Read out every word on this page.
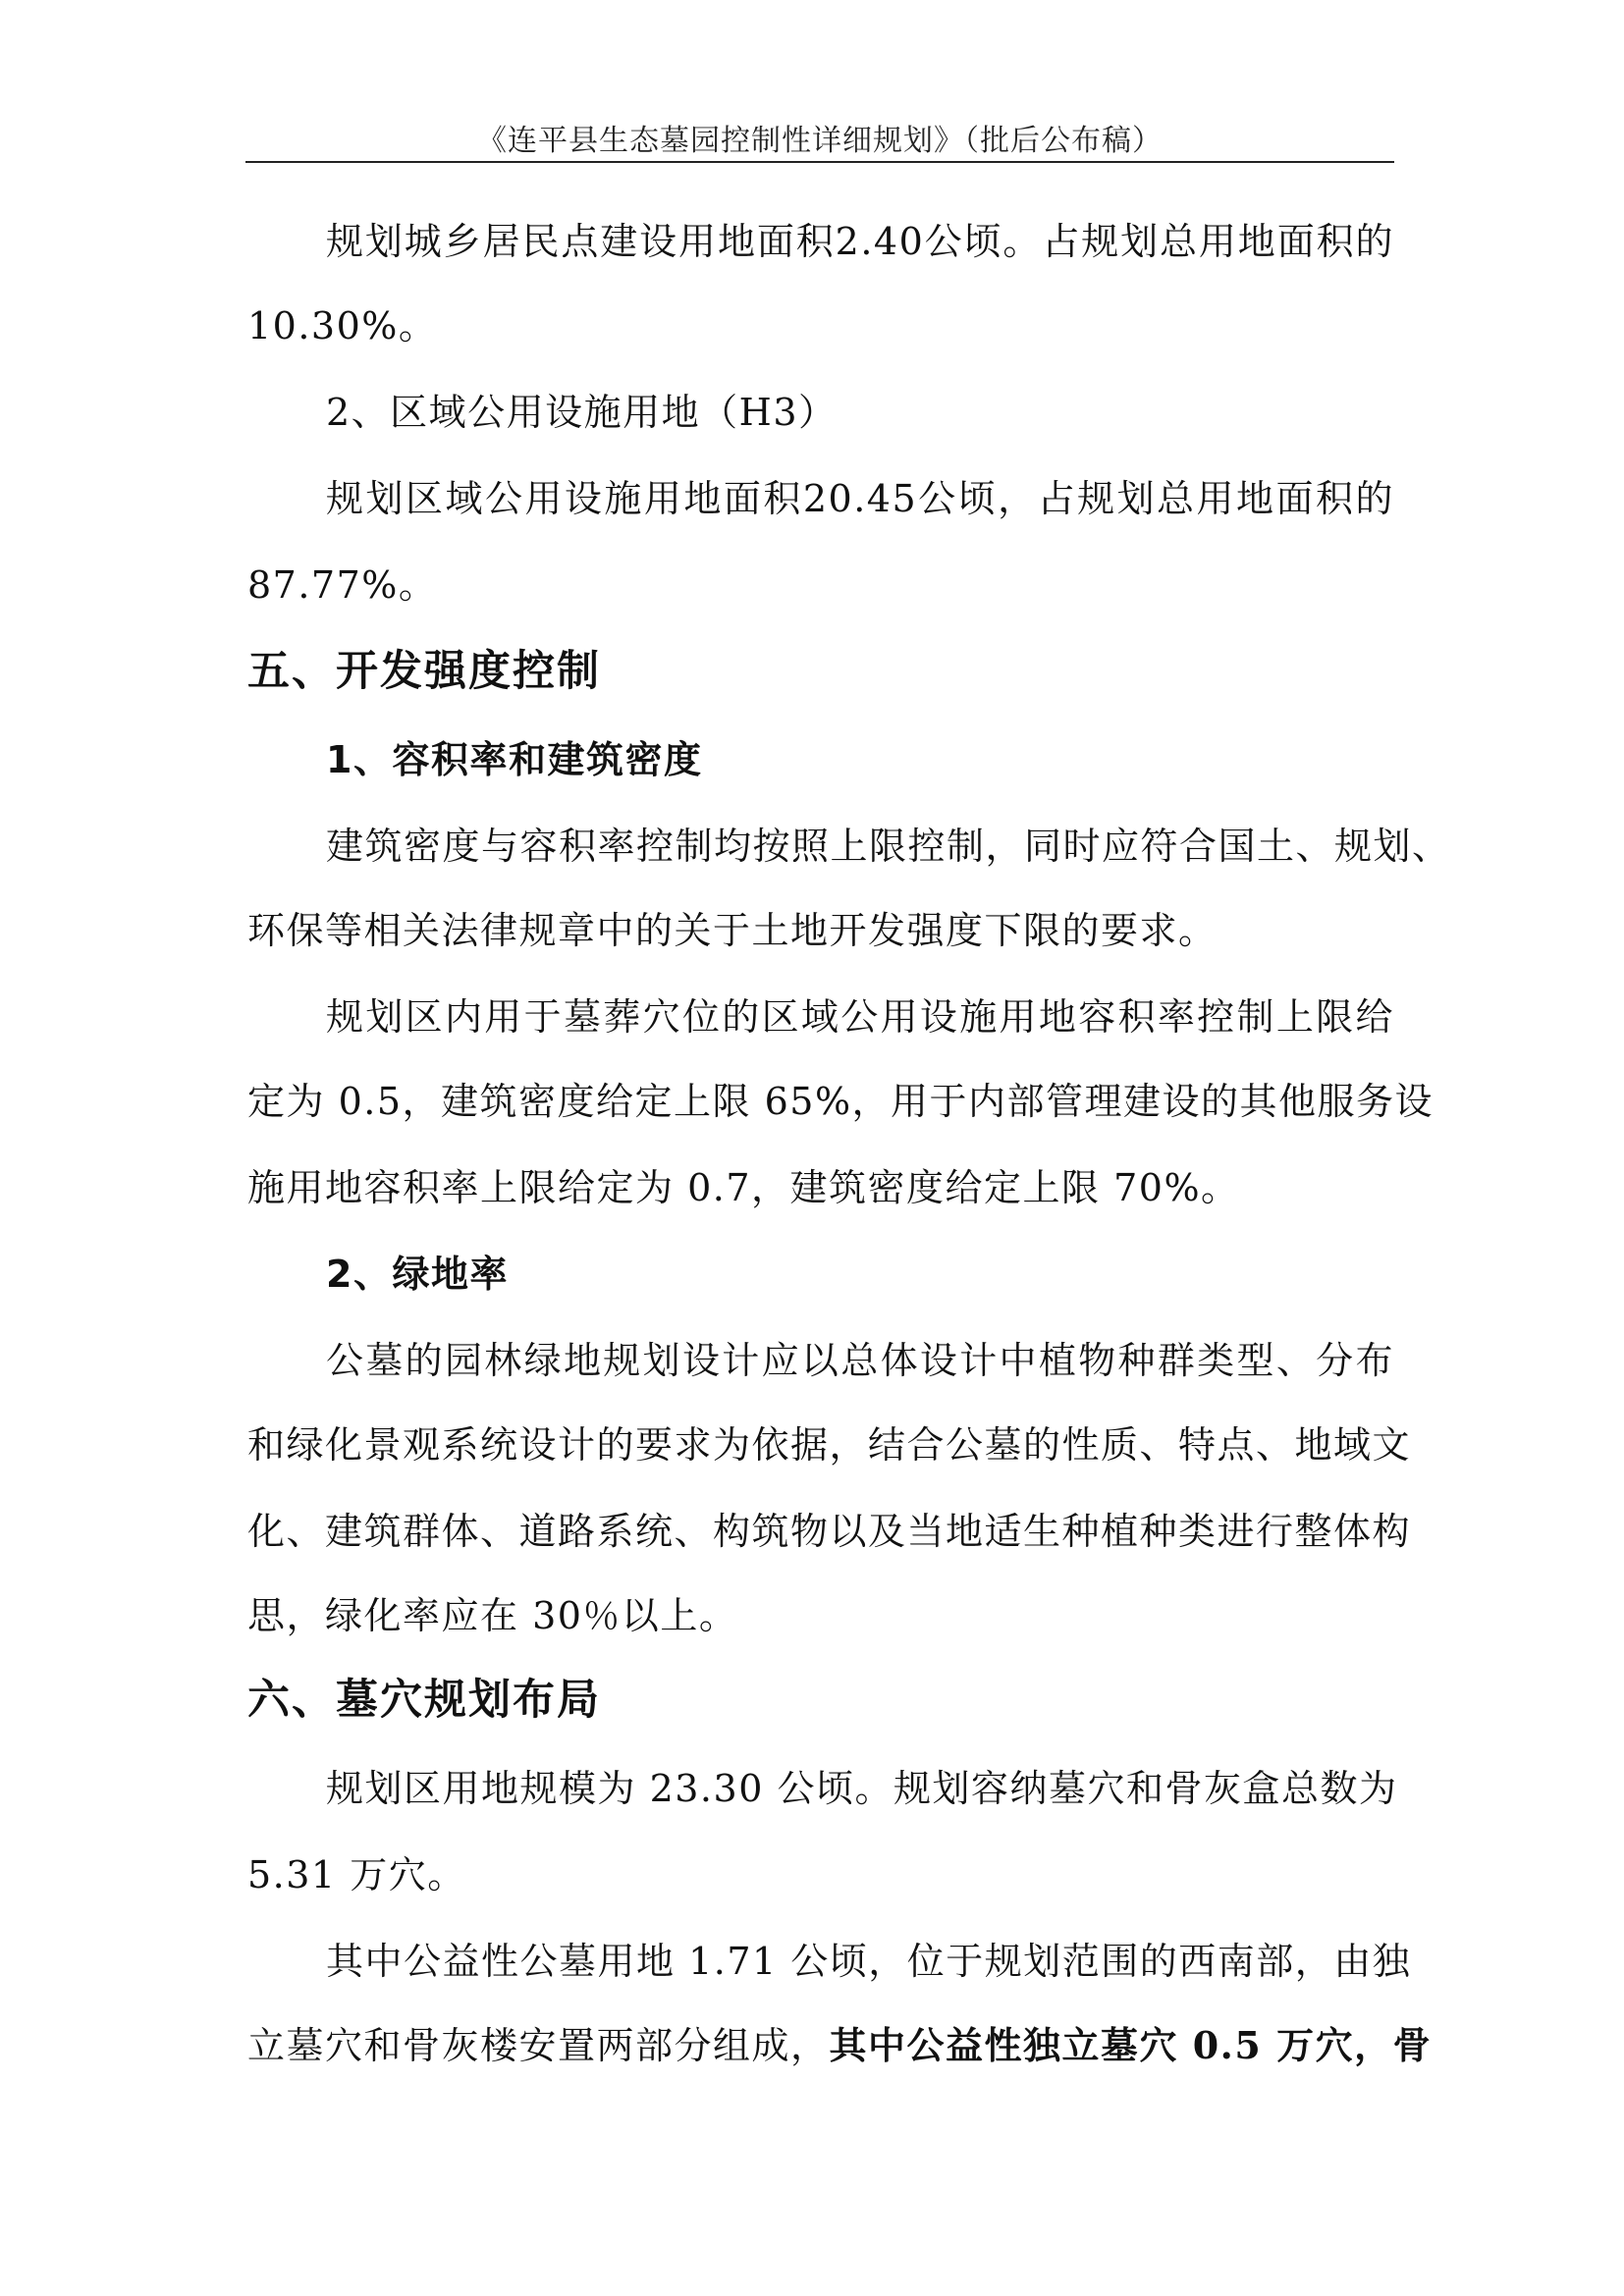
《连平县生态墓园控制性详细规划》（批后公布稿）
规划城乡居民点建设用地面积2.40公顷。占规划总用地面积的
10.30%。
2、区域公用设施用地（H3）
规划区域公用设施用地面积20.45公顷，占规划总用地面积的
87.77%。
五、开发强度控制
1、容积率和建筑密度
建筑密度与容积率控制均按照上限控制，同时应符合国土、规划、
环保等相关法律规章中的关于土地开发强度下限的要求。
规划区内用于墓葬穴位的区域公用设施用地容积率控制上限给
定为 0.5，建筑密度给定上限 65%，用于内部管理建设的其他服务设
施用地容积率上限给定为 0.7，建筑密度给定上限 70%。
2、绿地率
公墓的园林绿地规划设计应以总体设计中植物种群类型、分布
和绿化景观系统设计的要求为依据，结合公墓的性质、特点、地域文
化、建筑群体、道路系统、构筑物以及当地适生种植种类进行整体构
思，绿化率应在 30％以上。
六、墓穴规划布局
规划区用地规模为 23.30 公顷。规划容纳墓穴和骨灰盒总数为
5.31 万穴。
其中公益性公墓用地 1.71 公顷，位于规划范围的西南部，由独
立墓穴和骨灰楼安置两部分组成，其中公益性独立墓穴 0.5 万穴，骨
